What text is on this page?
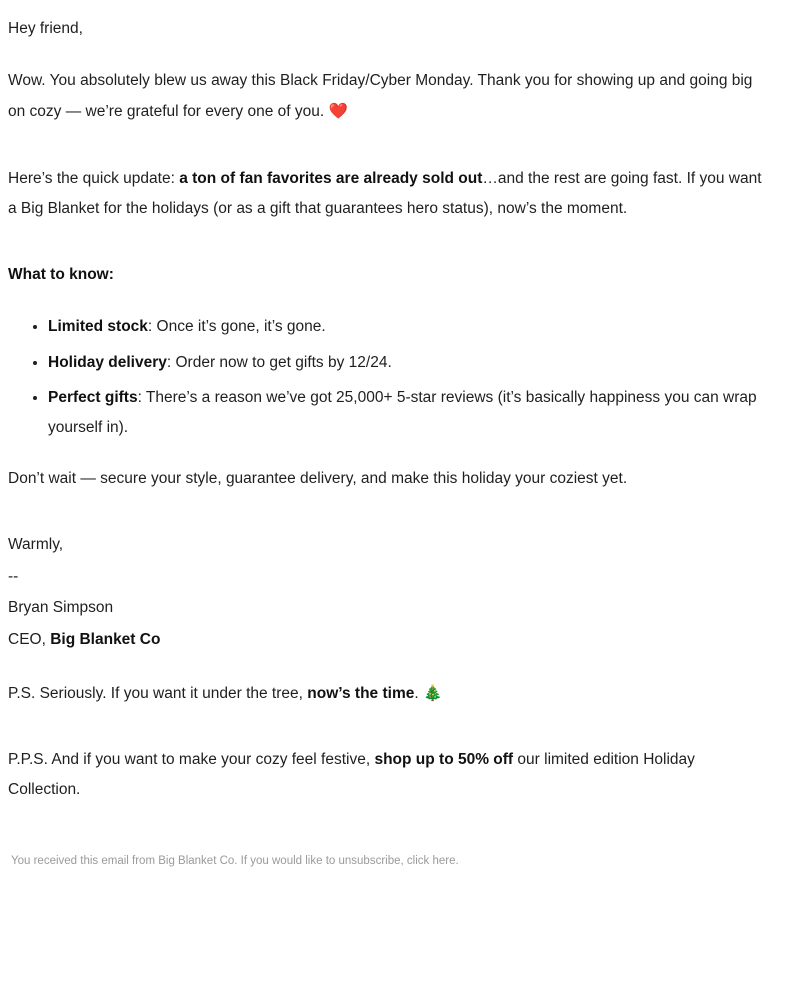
Hey friend,

Wow. You absolutely blew us away this Black Friday/Cyber Monday. Thank you for showing up and going big on cozy — we’re grateful for every one of you. ❤️

Here’s the quick update: a ton of fan favorites are already sold out…and the rest are going fast. If you want a Big Blanket for the holidays (or as a gift that guarantees hero status), now’s the moment.

What to know:

• Limited stock: Once it’s gone, it’s gone.
• Holiday delivery: Order now to get gifts by 12/24.
• Perfect gifts: There’s a reason we’ve got 25,000+ 5-star reviews (it’s basically happiness you can wrap yourself in).

Don’t wait — secure your style, guarantee delivery, and make this holiday your coziest yet.

Warmly,

--

Bryan Simpson

CEO, Big Blanket Co

P.S. Seriously. If you want it under the tree, now’s the time. 🎄

P.P.S. And if you want to make your cozy feel festive, shop up to 50% off our limited edition Holiday Collection.

You received this email from Big Blanket Co. If you would like to unsubscribe, click here.
